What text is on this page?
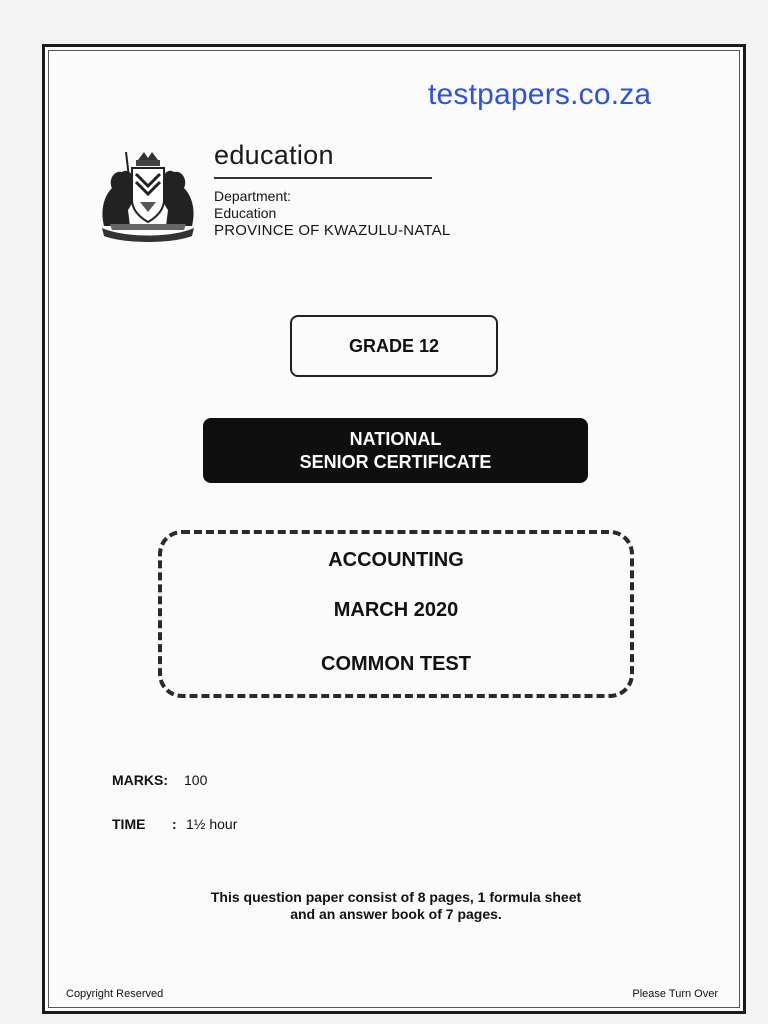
testpapers.co.za
education
Department:
Education
PROVINCE OF KWAZULU-NATAL
GRADE 12
NATIONAL
SENIOR CERTIFICATE
ACCOUNTING
MARCH 2020
COMMON TEST
MARKS: 100
TIME : 1½ hour
This question paper consist of 8 pages, 1 formula sheet
and an answer book of 7 pages.
Copyright Reserved	Please Turn Over
